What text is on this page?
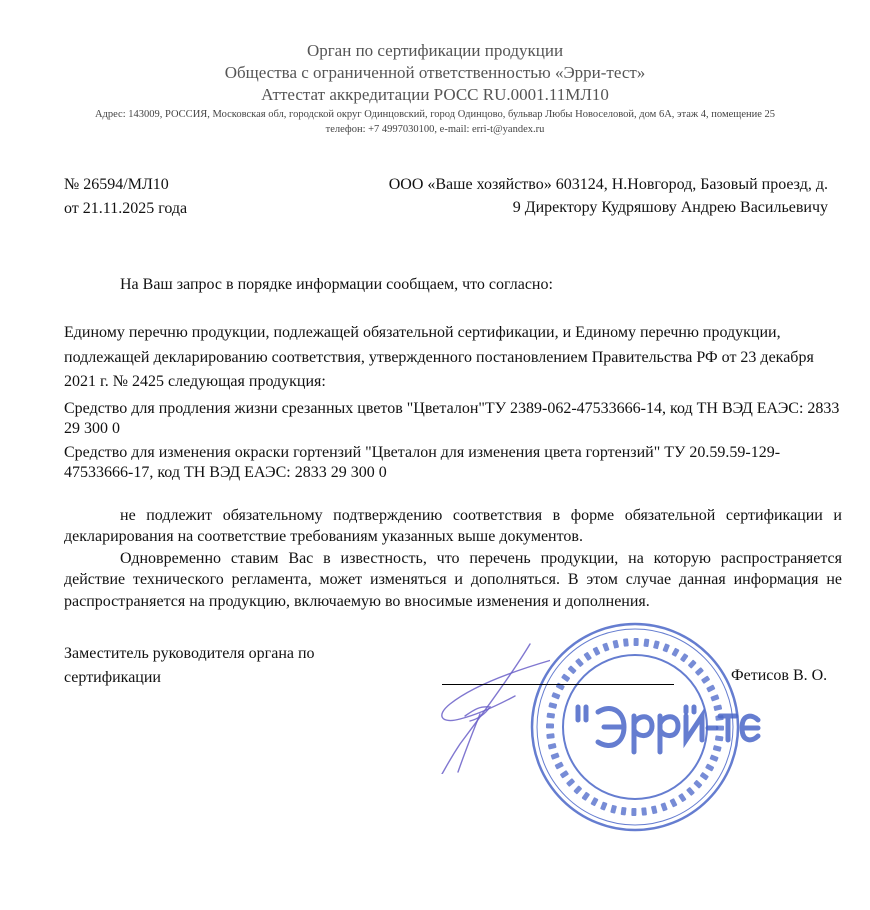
Орган по сертификации продукции
Общества с ограниченной ответственностью «Эрри-тест»
Аттестат аккредитации РОСС RU.0001.11МЛ10
Адрес: 143009, РОССИЯ, Московская обл, городской округ Одинцовский, город Одинцово, бульвар Любы Новоселовой, дом 6А, этаж 4, помещение 25
телефон: +7 4997030100, e-mail: erri-t@yandex.ru
№ 26594/МЛ10
от 21.11.2025 года
ООО «Ваше хозяйство» 603124, Н.Новгород, Базовый проезд, д. 9 Директору Кудряшову Андрею Васильевичу
На Ваш запрос в порядке информации сообщаем, что согласно:
Единому перечню продукции, подлежащей обязательной сертификации, и Единому перечню продукции, подлежащей декларированию соответствия, утвержденного постановлением Правительства РФ от 23 декабря 2021 г. № 2425 следующая продукция:
Средство для продления жизни срезанных цветов "Цветалон"ТУ 2389-062-47533666-14, код ТН ВЭД ЕАЭС: 2833 29 300 0
Средство для изменения окраски гортензий "Цветалон для изменения цвета гортензий" ТУ 20.59.59-129-47533666-17, код ТН ВЭД ЕАЭС: 2833 29 300 0
не подлежит обязательному подтверждению соответствия в форме обязательной сертификации и декларирования на соответствие требованиям указанных выше документов.
Одновременно ставим Вас в известность, что перечень продукции, на которую распространяется действие технического регламента, может изменяться и дополняться. В этом случае данная информация не распространяется на продукцию, включаемую во вносимые изменения и дополнения.
Заместитель руководителя органа по сертификации	Фетисов В. О.
